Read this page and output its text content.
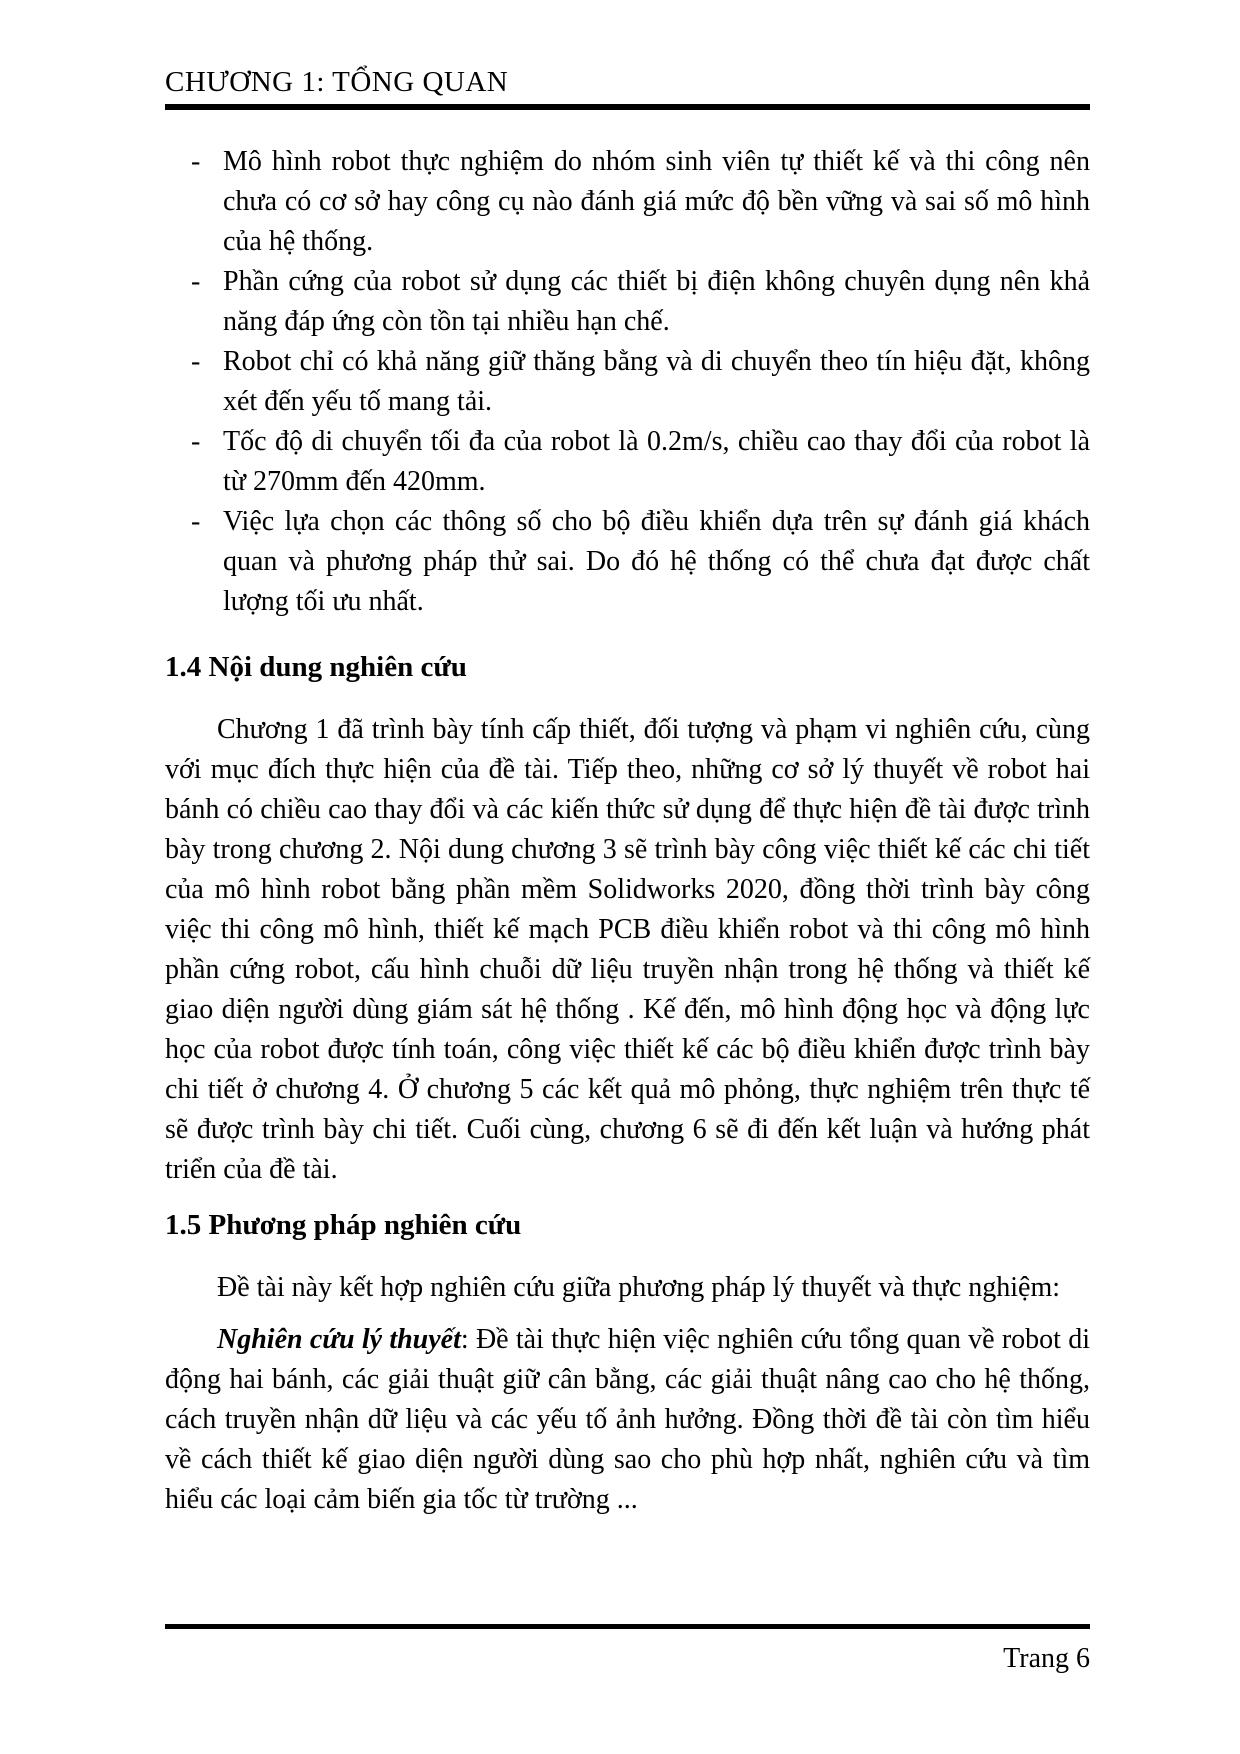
CHƯƠNG 1: TỔNG QUAN
- Mô hình robot thực nghiệm do nhóm sinh viên tự thiết kế và thi công nên chưa có cơ sở hay công cụ nào đánh giá mức độ bền vững và sai số mô hình của hệ thống.
- Phần cứng của robot sử dụng các thiết bị điện không chuyên dụng nên khả năng đáp ứng còn tồn tại nhiều hạn chế.
- Robot chỉ có khả năng giữ thăng bằng và di chuyển theo tín hiệu đặt, không xét đến yếu tố mang tải.
- Tốc độ di chuyển tối đa của robot là 0.2m/s, chiều cao thay đổi của robot là từ 270mm đến 420mm.
- Việc lựa chọn các thông số cho bộ điều khiển dựa trên sự đánh giá khách quan và phương pháp thử sai. Do đó hệ thống có thể chưa đạt được chất lượng tối ưu nhất.
1.4 Nội dung nghiên cứu

Chương 1 đã trình bày tính cấp thiết, đối tượng và phạm vi nghiên cứu, cùng với mục đích thực hiện của đề tài. Tiếp theo, những cơ sở lý thuyết về robot hai bánh có chiều cao thay đổi và các kiến thức sử dụng để thực hiện đề tài được trình bày trong chương 2. Nội dung chương 3 sẽ trình bày công việc thiết kế các chi tiết của mô hình robot bằng phần mềm Solidworks 2020, đồng thời trình bày công việc thi công mô hình, thiết kế mạch PCB điều khiển robot và thi công mô hình phần cứng robot, cấu hình chuỗi dữ liệu truyền nhận trong hệ thống và thiết kế giao diện người dùng giám sát hệ thống . Kế đến, mô hình động học và động lực học của robot được tính toán, công việc thiết kế các bộ điều khiển được trình bày chi tiết ở chương 4. Ở chương 5 các kết quả mô phỏng, thực nghiệm trên thực tế sẽ được trình bày chi tiết. Cuối cùng, chương 6 sẽ đi đến kết luận và hướng phát triển của đề tài.

1.5 Phương pháp nghiên cứu

Đề tài này kết hợp nghiên cứu giữa phương pháp lý thuyết và thực nghiệm:

Nghiên cứu lý thuyết: Đề tài thực hiện việc nghiên cứu tổng quan về robot di động hai bánh, các giải thuật giữ cân bằng, các giải thuật nâng cao cho hệ thống, cách truyền nhận dữ liệu và các yếu tố ảnh hưởng. Đồng thời đề tài còn tìm hiểu về cách thiết kế giao diện người dùng sao cho phù hợp nhất, nghiên cứu và tìm hiểu các loại cảm biến gia tốc từ trường ...

Trang 6
